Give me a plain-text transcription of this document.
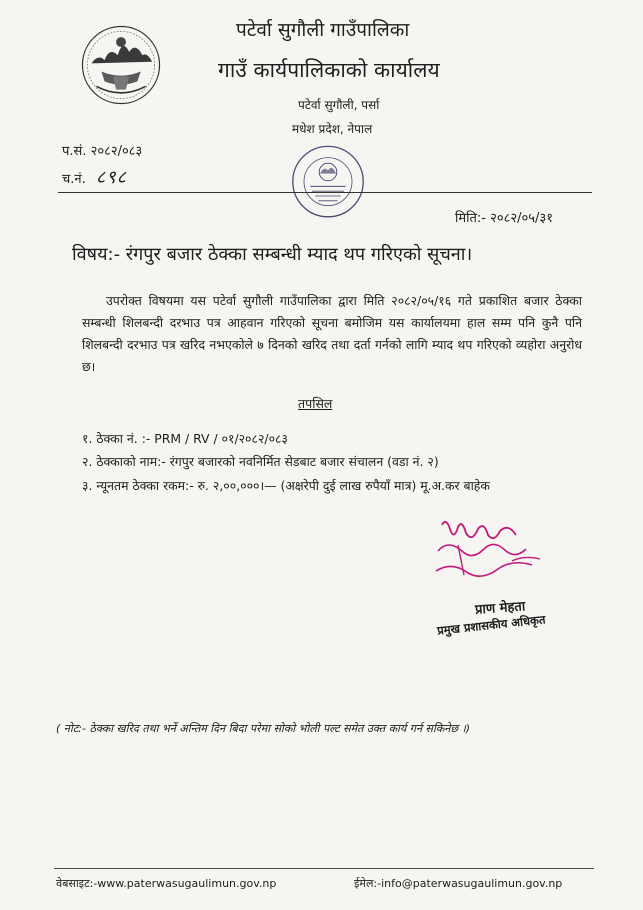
पटेर्वा सुगौली गाउँपालिका
गाउँ कार्यपालिकाको कार्यालय
पटेर्वा सुगौली, पर्सा
मधेश प्रदेश, नेपाल
प.सं. २०८२/०८३
च.नं. ८९८
मिति:- २०८२/०५/३१
विषय:- रंगपुर बजार ठेक्का सम्बन्धी म्याद थप गरिएको सूचना।
उपरोक्त विषयमा यस पटेर्वा सुगौली गाउँपालिका द्वारा मिति २०८२/०५/१६ गते प्रकाशित बजार ठेक्का सम्बन्धी शिलबन्दी दरभाउ पत्र आहवान गरिएको सूचना बमोजिम यस कार्यालयमा हाल सम्म पनि कुनै पनि शिलबन्दी दरभाउ पत्र खरिद नभएकोले ७ दिनको खरिद तथा दर्ता गर्नको लागि म्याद थप गरिएको व्यहोरा अनुरोध छ।
तपसिल
१. ठेक्का नं. :- PRM / RV / ०१/२०८२/०८३
२. ठेक्काको नाम:- रंगपुर बजारको नवनिर्मित सेडबाट बजार संचालन (वडा नं. २)
३. न्यूनतम ठेक्का रकम:- रु. २,००,०००।— (अक्षरेपी दुई लाख रुपैयाँ मात्र) मू.अ.कर बाहेक
प्राण मेहता
प्रमुख प्रशासकीय अधिकृत
( नोट:- ठेक्का खरिद तथा भर्ने अन्तिम दिन बिदा परेमा सोको भोली पल्ट समेत उक्त कार्य गर्न सकिनेछ ।)
वेबसाइट:-www.paterwasugaulimun.gov.np	ईमेल:-info@paterwasugaulimun.gov.np
